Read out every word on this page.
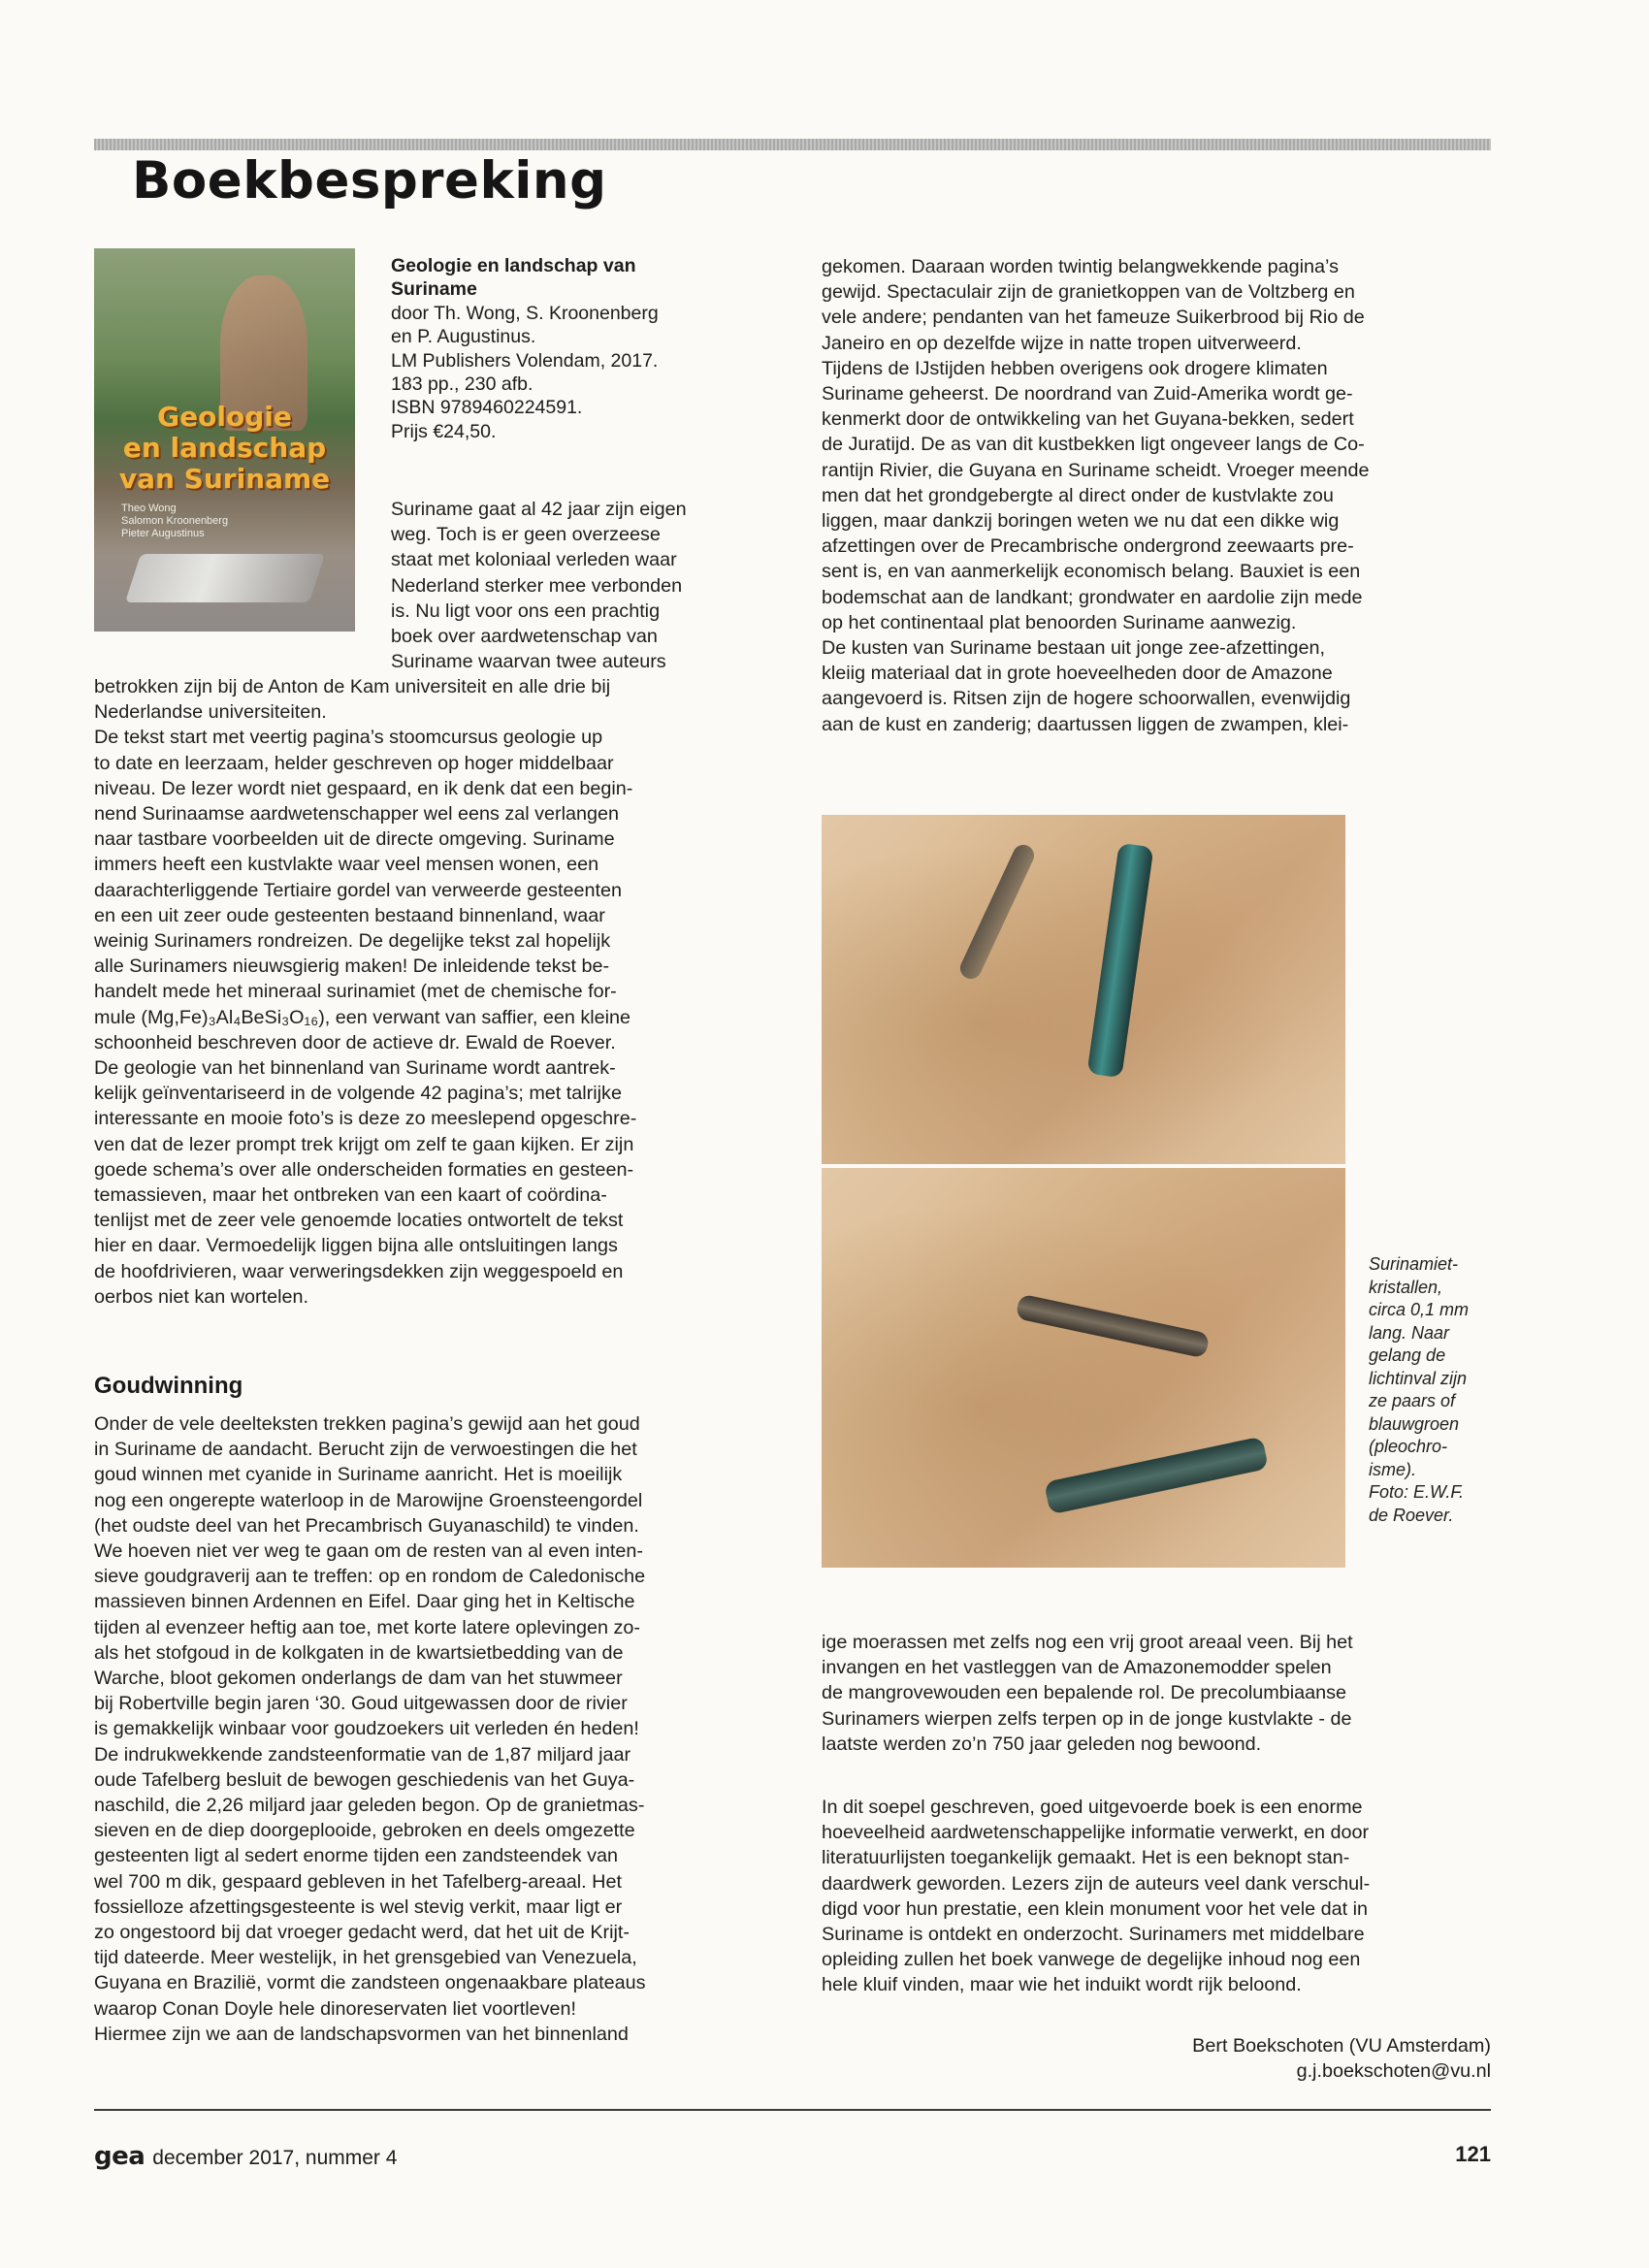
Boekbespreking
Geologie
en landschap
van Suriname
Theo Wong
Salomon Kroonenberg
Pieter Augustinus
Geologie en landschap van
Suriname
door Th. Wong, S. Kroonenberg
en P. Augustinus.
LM Publishers Volendam, 2017.
183 pp., 230 afb.
ISBN 9789460224591.
Prijs €24,50.
Suriname gaat al 42 jaar zijn eigen
weg. Toch is er geen overzeese
staat met koloniaal verleden waar
Nederland sterker mee verbonden
is. Nu ligt voor ons een prachtig
boek over aardwetenschap van
Suriname waarvan twee auteurs
betrokken zijn bij de Anton de Kam universiteit en alle drie bij
Nederlandse universiteiten.
De tekst start met veertig pagina’s stoomcursus geologie up
to date en leerzaam, helder geschreven op hoger middelbaar
niveau. De lezer wordt niet gespaard, en ik denk dat een begin-
nend Surinaamse aardwetenschapper wel eens zal verlangen
naar tastbare voorbeelden uit de directe omgeving. Suriname
immers heeft een kustvlakte waar veel mensen wonen, een
daarachterliggende Tertiaire gordel van verweerde gesteenten
en een uit zeer oude gesteenten bestaand binnenland, waar
weinig Surinamers rondreizen. De degelijke tekst zal hopelijk
alle Surinamers nieuwsgierig maken! De inleidende tekst be-
handelt mede het mineraal surinamiet (met de chemische for-
mule (Mg,Fe)₃Al₄BeSi₃O₁₆), een verwant van saffier, een kleine
schoonheid beschreven door de actieve dr. Ewald de Roever.
De geologie van het binnenland van Suriname wordt aantrek-
kelijk geïnventariseerd in de volgende 42 pagina’s; met talrijke
interessante en mooie foto’s is deze zo meeslepend opgeschre-
ven dat de lezer prompt trek krijgt om zelf te gaan kijken. Er zijn
goede schema’s over alle onderscheiden formaties en gesteen-
temassieven, maar het ontbreken van een kaart of coördina-
tenlijst met de zeer vele genoemde locaties ontwortelt de tekst
hier en daar. Vermoedelijk liggen bijna alle ontsluitingen langs
de hoofdrivieren, waar verweringsdekken zijn weggespoeld en
oerbos niet kan wortelen.
Goudwinning
Onder de vele deelteksten trekken pagina’s gewijd aan het goud
in Suriname de aandacht. Berucht zijn de verwoestingen die het
goud winnen met cyanide in Suriname aanricht. Het is moeilijk
nog een ongerepte waterloop in de Marowijne Groensteengordel
(het oudste deel van het Precambrisch Guyanaschild) te vinden.
We hoeven niet ver weg te gaan om de resten van al even inten-
sieve goudgraverij aan te treffen: op en rondom de Caledonische
massieven binnen Ardennen en Eifel. Daar ging het in Keltische
tijden al evenzeer heftig aan toe, met korte latere oplevingen zo-
als het stofgoud in de kolkgaten in de kwartsietbedding van de
Warche, bloot gekomen onderlangs de dam van het stuwmeer
bij Robertville begin jaren ‘30. Goud uitgewassen door de rivier
is gemakkelijk winbaar voor goudzoekers uit verleden én heden!
De indrukwekkende zandsteenformatie van de 1,87 miljard jaar
oude Tafelberg besluit de bewogen geschiedenis van het Guya-
naschild, die 2,26 miljard jaar geleden begon. Op de granietmas-
sieven en de diep doorgeplooide, gebroken en deels omgezette
gesteenten ligt al sedert enorme tijden een zandsteendek van
wel 700 m dik, gespaard gebleven in het Tafelberg-areaal. Het
fossielloze afzettingsgesteente is wel stevig verkit, maar ligt er
zo ongestoord bij dat vroeger gedacht werd, dat het uit de Krijt-
tijd dateerde. Meer westelijk, in het grensgebied van Venezuela,
Guyana en Brazilië, vormt die zandsteen ongenaakbare plateaus
waarop Conan Doyle hele dinoreservaten liet voortleven!
Hiermee zijn we aan de landschapsvormen van het binnenland
gekomen. Daaraan worden twintig belangwekkende pagina’s
gewijd. Spectaculair zijn de granietkoppen van de Voltzberg en
vele andere; pendanten van het fameuze Suikerbrood bij Rio de
Janeiro en op dezelfde wijze in natte tropen uitverweerd.
Tijdens de IJstijden hebben overigens ook drogere klimaten
Suriname geheerst. De noordrand van Zuid-Amerika wordt ge-
kenmerkt door de ontwikkeling van het Guyana-bekken, sedert
de Juratijd. De as van dit kustbekken ligt ongeveer langs de Co-
rantijn Rivier, die Guyana en Suriname scheidt. Vroeger meende
men dat het grondgebergte al direct onder de kustvlakte zou
liggen, maar dankzij boringen weten we nu dat een dikke wig
afzettingen over de Precambrische ondergrond zeewaarts pre-
sent is, en van aanmerkelijk economisch belang. Bauxiet is een
bodemschat aan de landkant; grondwater en aardolie zijn mede
op het continentaal plat benoorden Suriname aanwezig.
De kusten van Suriname bestaan uit jonge zee-afzettingen,
kleiig materiaal dat in grote hoeveelheden door de Amazone
aangevoerd is. Ritsen zijn de hogere schoorwallen, evenwijdig
aan de kust en zanderig; daartussen liggen de zwampen, klei-
Surinamiet-
kristallen,
circa 0,1 mm
lang. Naar
gelang de
lichtinval zijn
ze paars of
blauwgroen
(pleochro-
isme).
Foto: E.W.F.
de Roever.
ige moerassen met zelfs nog een vrij groot areaal veen. Bij het
invangen en het vastleggen van de Amazonemodder spelen
de mangrovewouden een bepalende rol. De precolumbiaanse
Surinamers wierpen zelfs terpen op in de jonge kustvlakte - de
laatste werden zo’n 750 jaar geleden nog bewoond.
In dit soepel geschreven, goed uitgevoerde boek is een enorme
hoeveelheid aardwetenschappelijke informatie verwerkt, en door
literatuurlijsten toegankelijk gemaakt. Het is een beknopt stan-
daardwerk geworden. Lezers zijn de auteurs veel dank verschul-
digd voor hun prestatie, een klein monument voor het vele dat in
Suriname is ontdekt en onderzocht. Surinamers met middelbare
opleiding zullen het boek vanwege de degelijke inhoud nog een
hele kluif vinden, maar wie het induikt wordt rijk beloond.
Bert Boekschoten (VU Amsterdam)
g.j.boekschoten@vu.nl
gea december 2017, nummer 4	121
